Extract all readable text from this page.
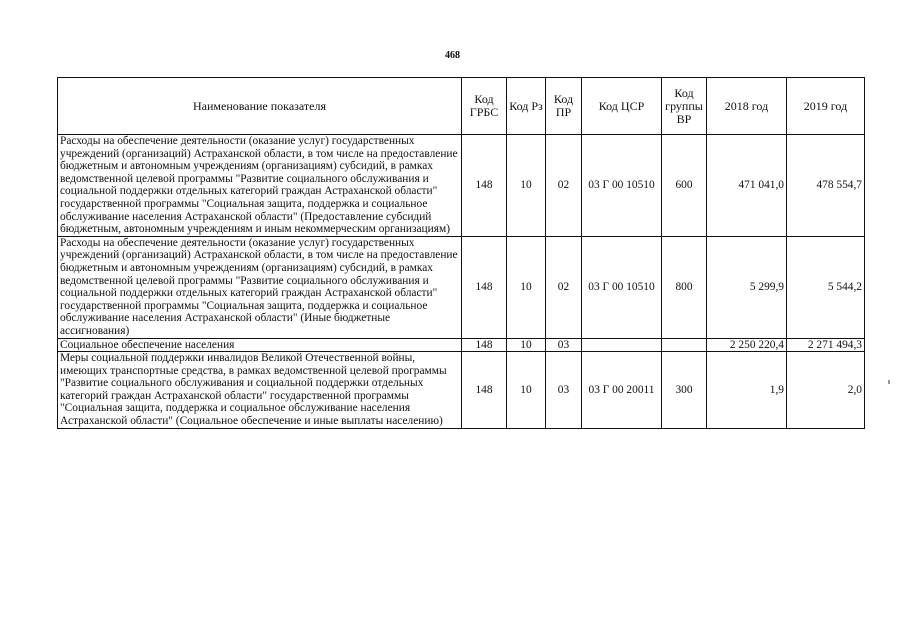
468
Наименование показателя	Код ГРБС	Код Рз	Код ПР	Код ЦСР	Код группы ВР	2018 год	2019 год
Расходы на обеспечение деятельности (оказание услуг) государственных учреждений (организаций) Астраханской области, в том числе на предоставление бюджетным и автономным учреждениям (организациям) субсидий, в рамках ведомственной целевой программы "Развитие социального обслуживания и социальной поддержки отдельных категорий граждан Астраханской области" государственной программы "Социальная защита, поддержка и социальное обслуживание населения Астраханской области" (Предоставление субсидий бюджетным, автономным учреждениям и иным некоммерческим организациям)	148	10	02	03 Г 00 10510	600	471 041,0	478 554,7
Расходы на обеспечение деятельности (оказание услуг) государственных учреждений (организаций) Астраханской области, в том числе на предоставление бюджетным и автономным учреждениям (организациям) субсидий, в рамках ведомственной целевой программы "Развитие социального обслуживания и социальной поддержки отдельных категорий граждан Астраханской области" государственной программы "Социальная защита, поддержка и социальное обслуживание населения Астраханской области" (Иные бюджетные ассигнования)	148	10	02	03 Г 00 10510	800	5 299,9	5 544,2
Социальное обеспечение населения	148	10	03			2 250 220,4	2 271 494,3
Меры социальной поддержки инвалидов Великой Отечественной войны, имеющих транспортные средства, в рамках ведомственной целевой программы "Развитие социального обслуживания и социальной поддержки отдельных категорий граждан Астраханской области" государственной программы "Социальная защита, поддержка и социальное обслуживание населения Астраханской области" (Социальное обеспечение и иные выплаты населению)	148	10	03	03 Г 00 20011	300	1,9	2,0
